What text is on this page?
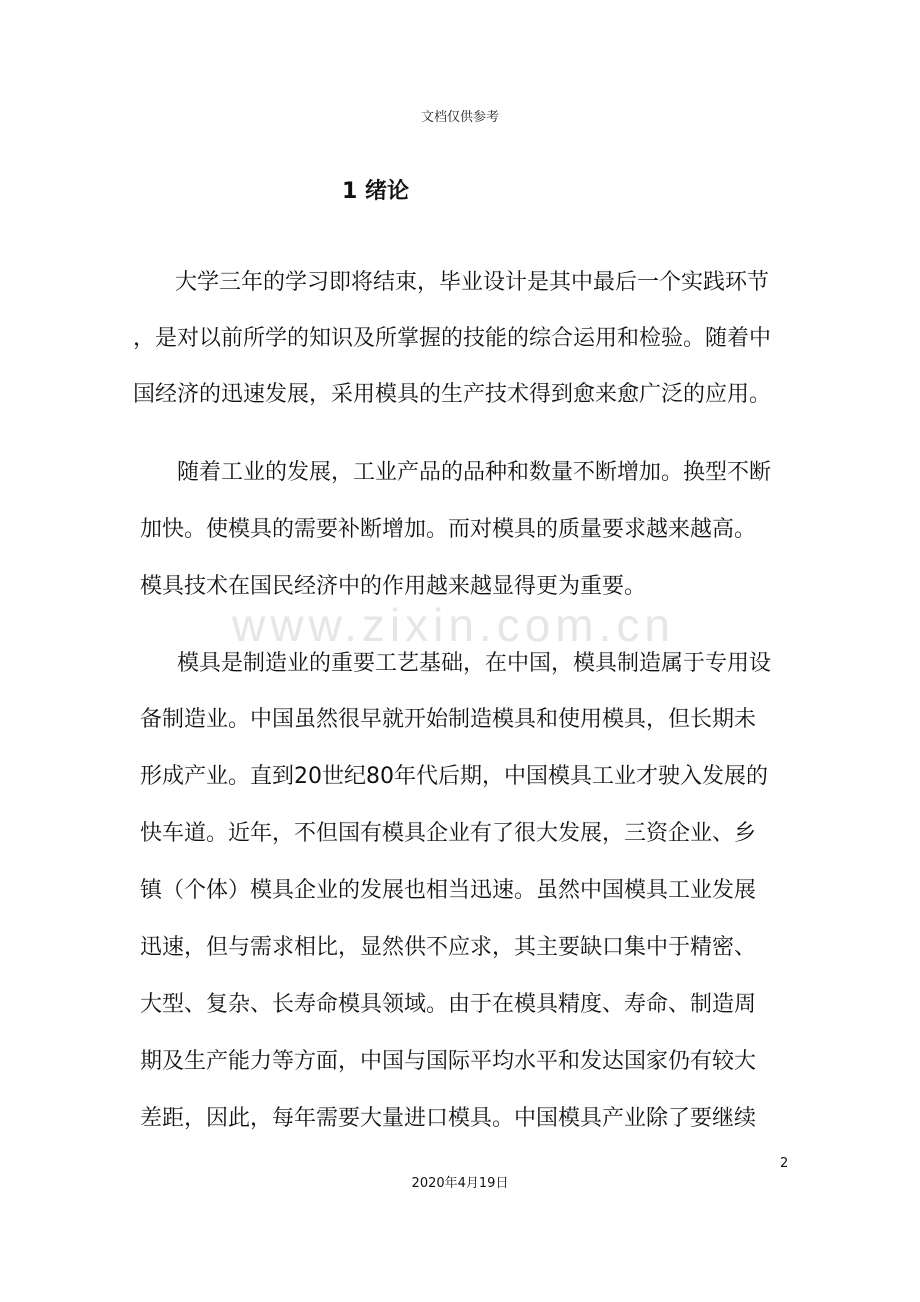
文档仅供参考
www.zixin.com.cn
1 绪论
大学三年的学习即将结束，毕业设计是其中最后一个实践环节
，是对以前所学的知识及所掌握的技能的综合运用和检验。随着中
国经济的迅速发展，采用模具的生产技术得到愈来愈广泛的应用。
随着工业的发展，工业产品的品种和数量不断增加。换型不断
加快。使模具的需要补断增加。而对模具的质量要求越来越高。
模具技术在国民经济中的作用越来越显得更为重要。
模具是制造业的重要工艺基础，在中国，模具制造属于专用设
备制造业。中国虽然很早就开始制造模具和使用模具，但长期未
形成产业。直到20世纪80年代后期，中国模具工业才驶入发展的
快车道。近年，不但国有模具企业有了很大发展，三资企业、乡
镇（个体）模具企业的发展也相当迅速。虽然中国模具工业发展
迅速，但与需求相比，显然供不应求，其主要缺口集中于精密、
大型、复杂、长寿命模具领域。由于在模具精度、寿命、制造周
期及生产能力等方面，中国与国际平均水平和发达国家仍有较大
差距，因此，每年需要大量进口模具。中国模具产业除了要继续
2
2020年4月19日
